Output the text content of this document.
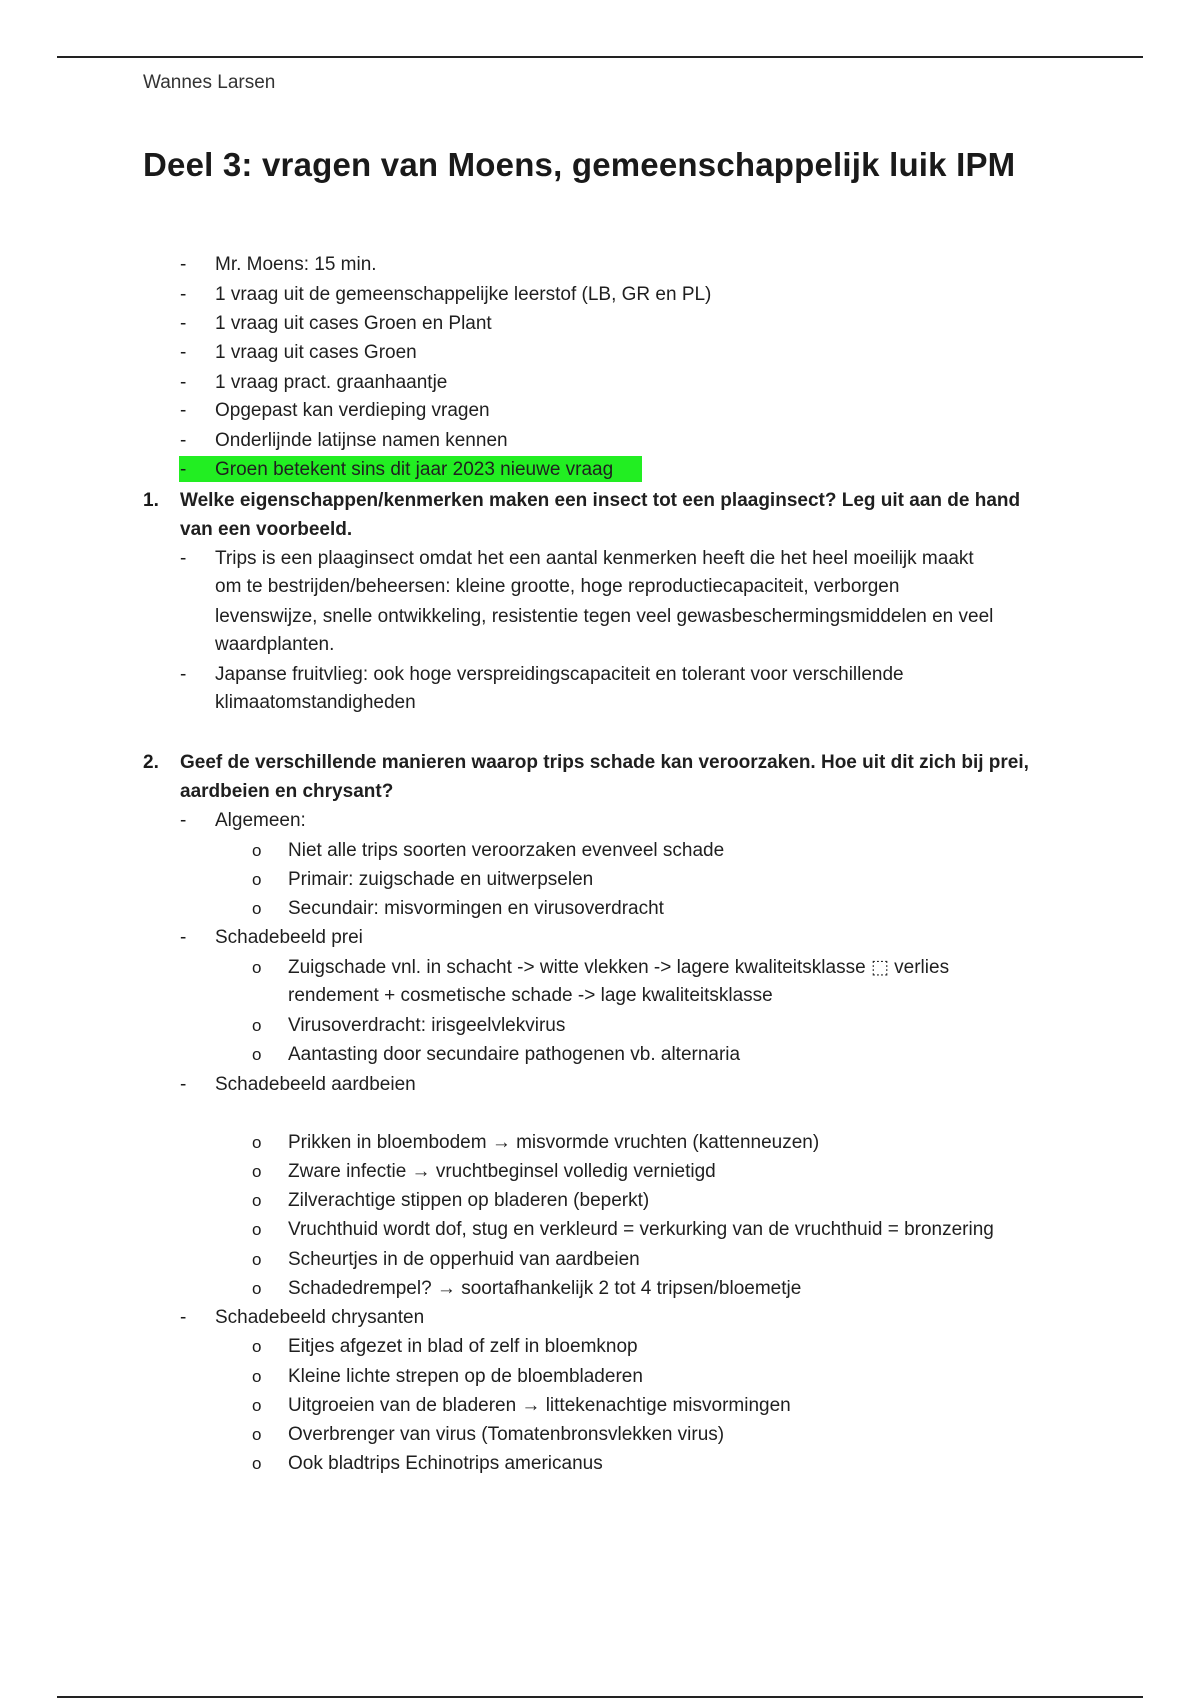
Wannes Larsen
Deel 3: vragen van Moens, gemeenschappelijk luik IPM
- Mr. Moens: 15 min.
- 1 vraag uit de gemeenschappelijke leerstof (LB, GR en PL)
- 1 vraag uit cases Groen en Plant
- 1 vraag uit cases Groen
- 1 vraag pract. graanhaantje
- Opgepast kan verdieping vragen
- Onderlijnde latijnse namen kennen
- Groen betekent sins dit jaar 2023 nieuwe vraag
1. Welke eigenschappen/kenmerken maken een insect tot een plaaginsect? Leg uit aan de hand
van een voorbeeld.
- Trips is een plaaginsect omdat het een aantal kenmerken heeft die het heel moeilijk maakt
om te bestrijden/beheersen: kleine grootte, hoge reproductiecapaciteit, verborgen
levenswijze, snelle ontwikkeling, resistentie tegen veel gewasbeschermingsmiddelen en veel
waardplanten.
- Japanse fruitvlieg: ook hoge verspreidingscapaciteit en tolerant voor verschillende
klimaatomstandigheden
2. Geef de verschillende manieren waarop trips schade kan veroorzaken. Hoe uit dit zich bij prei,
aardbeien en chrysant?
- Algemeen:
o Niet alle trips soorten veroorzaken evenveel schade
o Primair: zuigschade en uitwerpselen
o Secundair: misvormingen en virusoverdracht
- Schadebeeld prei
o Zuigschade vnl. in schacht -> witte vlekken -> lagere kwaliteitsklasse ⬚ verlies
rendement + cosmetische schade -> lage kwaliteitsklasse
o Virusoverdracht: irisgeelvlekvirus
o Aantasting door secundaire pathogenen vb. alternaria
- Schadebeeld aardbeien
o Prikken in bloembodem → misvormde vruchten (kattenneuzen)
o Zware infectie → vruchtbeginsel volledig vernietigd
o Zilverachtige stippen op bladeren (beperkt)
o Vruchthuid wordt dof, stug en verkleurd = verkurking van de vruchthuid = bronzering
o Scheurtjes in de opperhuid van aardbeien
o Schadedrempel? → soortafhankelijk 2 tot 4 tripsen/bloemetje
- Schadebeeld chrysanten
o Eitjes afgezet in blad of zelf in bloemknop
o Kleine lichte strepen op de bloembladeren
o Uitgroeien van de bladeren → littekenachtige misvormingen
o Overbrenger van virus (Tomatenbronsvlekken virus)
o Ook bladtrips Echinotrips americanus
